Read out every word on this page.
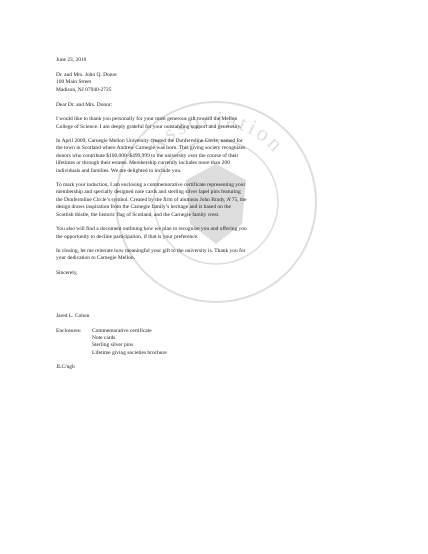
Association

June 23, 2010

Dr. and Mrs. John Q. Donor

100 Main Street

Madison, NJ 07940-2725

Dear Dr. and Mrs. Donor:

I would like to thank you personally for your most generous gift toward the Mellon

College of Science. I am deeply grateful for your outstanding support and generosity.

In April 2009, Carnegie Mellon University created the Dunfermline Circle, named for

the town in Scotland where Andrew Carnegie was born. This giving society recognizes

donors who contribute $100,000–$499,999 to the university over the course of their

lifetimes or through their estates. Membership currently includes more than 200

individuals and families. We are delighted to include you.

To mark your induction, I am enclosing a commemorative certificate representing your

membership and specially designed note cards and sterling silver lapel pins featuring

the Dunfermline Circle’s symbol. Created by the firm of alumnus John Brady, A’75, the

design draws inspiration from the Carnegie family’s heritage and is based on the

Scottish thistle, the historic flag of Scotland, and the Carnegie family crest.

You also will find a document outlining how we plan to recognize you and offering you

the opportunity to decline participation, if that is your preference.

In closing, let me reiterate how meaningful your gift to the university is. Thank you for

your dedication to Carnegie Mellon.

Sincerely,

Jared L. Cohon

Enclosures:	Commemorative certificate
Note cards
Sterling silver pins
Lifetime giving societies brochure

JLC/ngb
